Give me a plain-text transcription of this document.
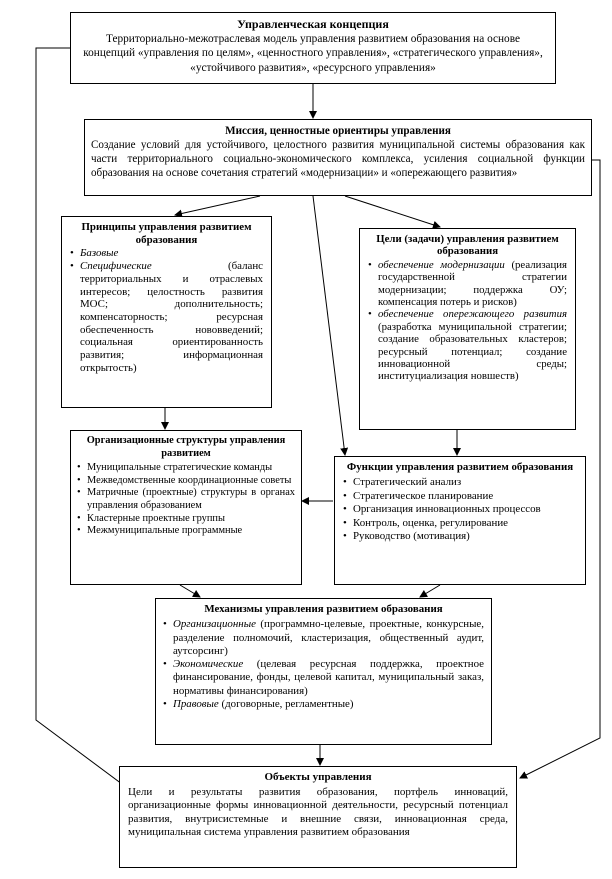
Управленческая концепция
Территориально-межотраслевая модель управления развитием образования на основе концепций «управления по целям», «ценностного управления», «стратегического управления», «устойчивого развития», «ресурсного управления»
Миссия, ценностные ориентиры управления
Создание условий для устойчивого, целостного развития муниципальной системы образования как части территориального социально-экономического комплекса, усиления социальной функции образования на основе сочетания стратегий «модернизации» и «опережающего развития»
Принципы управления развитием образования
• Базовые
• Специфические	(баланс территориальных и отраслевых интересов; целостность развития МОС; дополнительность; компенсаторность; ресурсная обеспеченность нововведений; социальная ориентированность развития; информационная открытость)
Цели (задачи) управления развитием образования
• обеспечение модернизации (реализация государственной стратегии модернизации; поддержка ОУ; компенсация потерь и рисков)
• обеспечение опережающего развития (разработка муниципальной стратегии; создание образовательных кластеров; ресурсный потенциал; создание инновационной среды; институциализация новшеств)
Организационные структуры управления развитием
• Муниципальные стратегические команды
• Межведомственные координационные советы
• Матричные (проектные) структуры в органах управления образованием
• Кластерные проектные группы
• Межмуниципальные программные
Функции управления развитием образования
• Стратегический анализ
• Стратегическое планирование
• Организация инновационных процессов
• Контроль, оценка, регулирование
• Руководство (мотивация)
Механизмы управления развитием образования
• Организационные (программно-целевые, проектные, конкурсные, разделение полномочий, кластеризация, общественный аудит, аутсорсинг)
• Экономические (целевая ресурсная поддержка, проектное финансирование, фонды, целевой капитал, муниципальный заказ, нормативы финансирования)
• Правовые (договорные, регламентные)
Объекты управления
Цели и результаты развития образования, портфель инноваций, организационные формы инновационной деятельности, ресурсный потенциал развития, внутрисистемные и внешние связи, инновационная среда, муниципальная система управления развитием образования
